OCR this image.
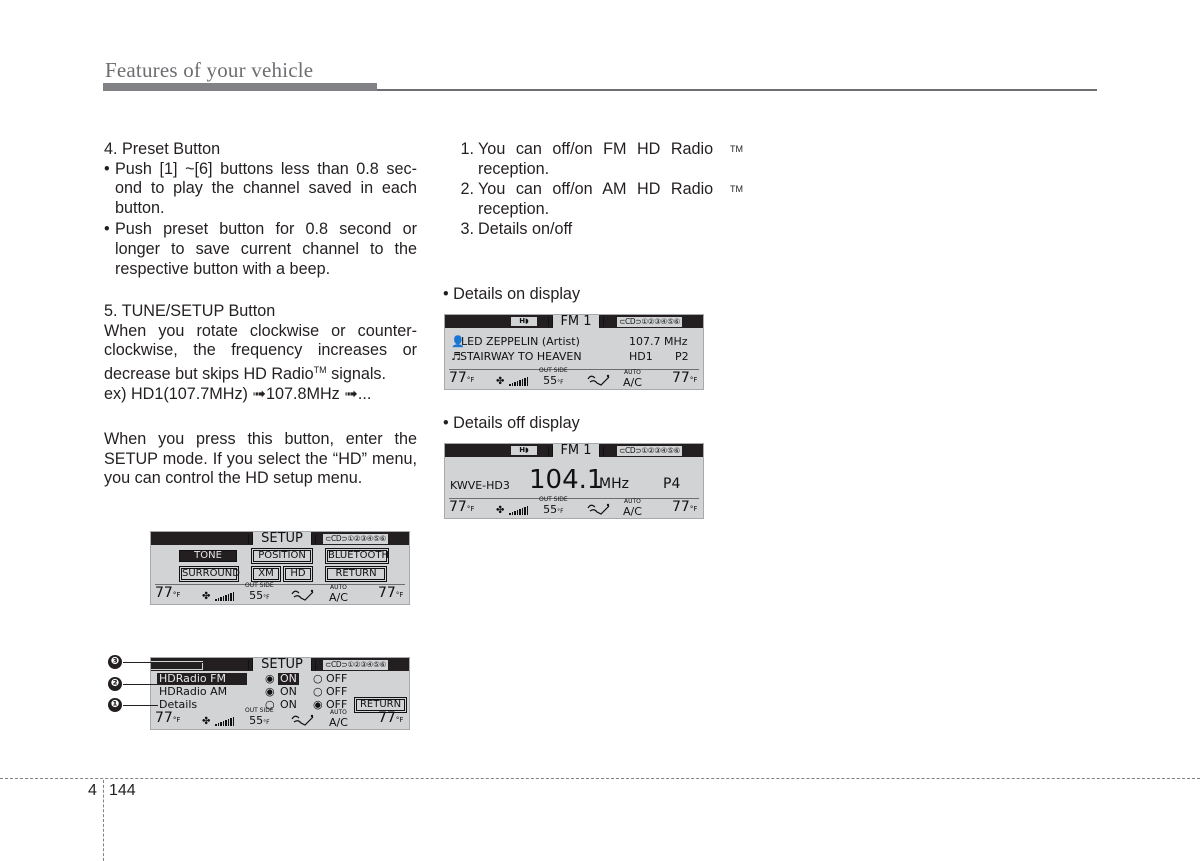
Features of your vehicle

4. Preset Button

• Push [1] ~[6] buttons less than 0.8 sec-ond to play the channel saved in each button.
• Push preset button for 0.8 second or longer to save current channel to the respective button with a beep.

5. TUNE/SETUP Button

When you rotate clockwise or counter-clockwise, the frequency increases or decrease but skips HD Radio™ signals.

ex) HD1(107.7MHz) ➟107.8MHz ➟...

When you press this button, enter the SETUP mode. If you select the “HD” menu, you can control the HD setup menu.

1. You can off/on FM HD Radio TM
reception.
2. You can off/on AM HD Radio TM
reception.
3. Details on/off
• Details on display
• Details off display
H◗	FM 1	⊂CD⊃①②③④⑤⑥
👤
LED ZEPPELIN (Artist)	107.7 MHz
♬ STAIRWAY TO HEAVEN	HD1 P2
77°F ✤
OUT SIDE
55°F
AUTO
A/C 77°F
H◗	FM 1	⊂CD⊃①②③④⑤⑥
KWVE-HD3 104.1
MHz P4
77°F ✤
OUT SIDE
55°F
AUTO
A/C 77°F
SETUP	⊂CD⊃①②③④⑤⑥
TONE	POSITION	BLUETOOTH
SURROUND	XM	HD	RETURN
77°F ✤
OUT SIDE
55°F
AUTO
A/C 77°F
SETUP	⊂CD⊃①②③④⑤⑥
HDRadio FM	◉ ON ○ OFF
HDRadio AM	◉ ON ○ OFF
Details	○ ON ◉ OFF	RETURN
77°F ✤
OUT SIDE
55°F
AUTO
A/C 77°F
❸
❷
❶
4 144
